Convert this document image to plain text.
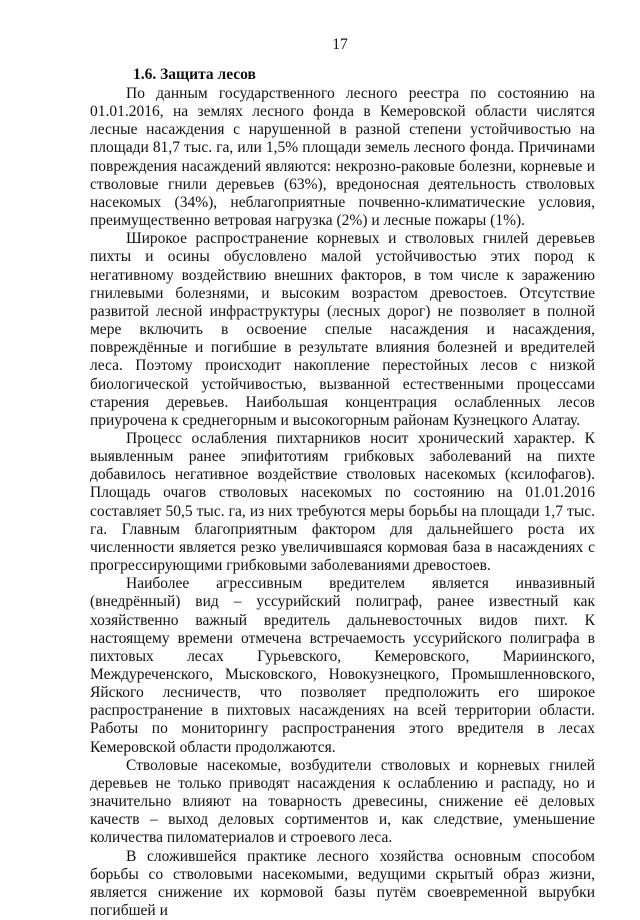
17
1.6. Защита лесов

По данным государственного лесного реестра по состоянию на 01.01.2016, на землях лесного фонда в Кемеровской области числятся лесные насаждения с нарушенной в разной степени устойчивостью на площади 81,7 тыс. га, или 1,5% площади земель лесного фонда. Причинами повреждения насаждений являются: некрозно-раковые болезни, корневые и стволовые гнили деревьев (63%), вредоносная деятельность стволовых насекомых (34%), неблагоприятные почвенно-климатические условия, преимущественно ветровая нагрузка (2%) и лесные пожары (1%).

Широкое распространение корневых и стволовых гнилей деревьев пихты и осины обусловлено малой устойчивостью этих пород к негативному воздействию внешних факторов, в том числе к заражению гнилевыми болезнями, и высоким возрастом древостоев. Отсутствие развитой лесной инфраструктуры (лесных дорог) не позволяет в полной мере включить в освоение спелые насаждения и насаждения, повреждённые и погибшие в результате влияния болезней и вредителей леса. Поэтому происходит накопление перестойных лесов с низкой биологической устойчивостью, вызванной естественными процессами старения деревьев. Наибольшая концентрация ослабленных лесов приурочена к среднегорным и высокогорным районам Кузнецкого Алатау.

Процесс ослабления пихтарников носит хронический характер. К выявленным ранее эпифитотиям грибковых заболеваний на пихте добавилось негативное воздействие стволовых насекомых (ксилофагов). Площадь очагов стволовых насекомых по состоянию на 01.01.2016 составляет 50,5 тыс. га, из них требуются меры борьбы на площади 1,7 тыс. га. Главным благоприятным фактором для дальнейшего роста их численности является резко увеличившаяся кормовая база в насаждениях с прогрессирующими грибковыми заболеваниями древостоев.

Наиболее агрессивным вредителем является инвазивный (внедрённый) вид – уссурийский полиграф, ранее известный как хозяйственно важный вредитель дальневосточных видов пихт. К настоящему времени отмечена встречаемость уссурийского полиграфа в пихтовых лесах Гурьевского, Кемеровского, Мариинского, Междуреченского, Мысковского, Новокузнецкого, Промышленновского, Яйского лесничеств, что позволяет предположить его широкое распространение в пихтовых насаждениях на всей территории области. Работы по мониторингу распространения этого вредителя в лесах Кемеровской области продолжаются.

Стволовые насекомые, возбудители стволовых и корневых гнилей деревьев не только приводят насаждения к ослаблению и распаду, но и значительно влияют на товарность древесины, снижение её деловых качеств – выход деловых сортиментов и, как следствие, уменьшение количества пиломатериалов и строевого леса.

В сложившейся практике лесного хозяйства основным способом борьбы со стволовыми насекомыми, ведущими скрытый образ жизни, является снижение их кормовой базы путём своевременной вырубки погибшей и
